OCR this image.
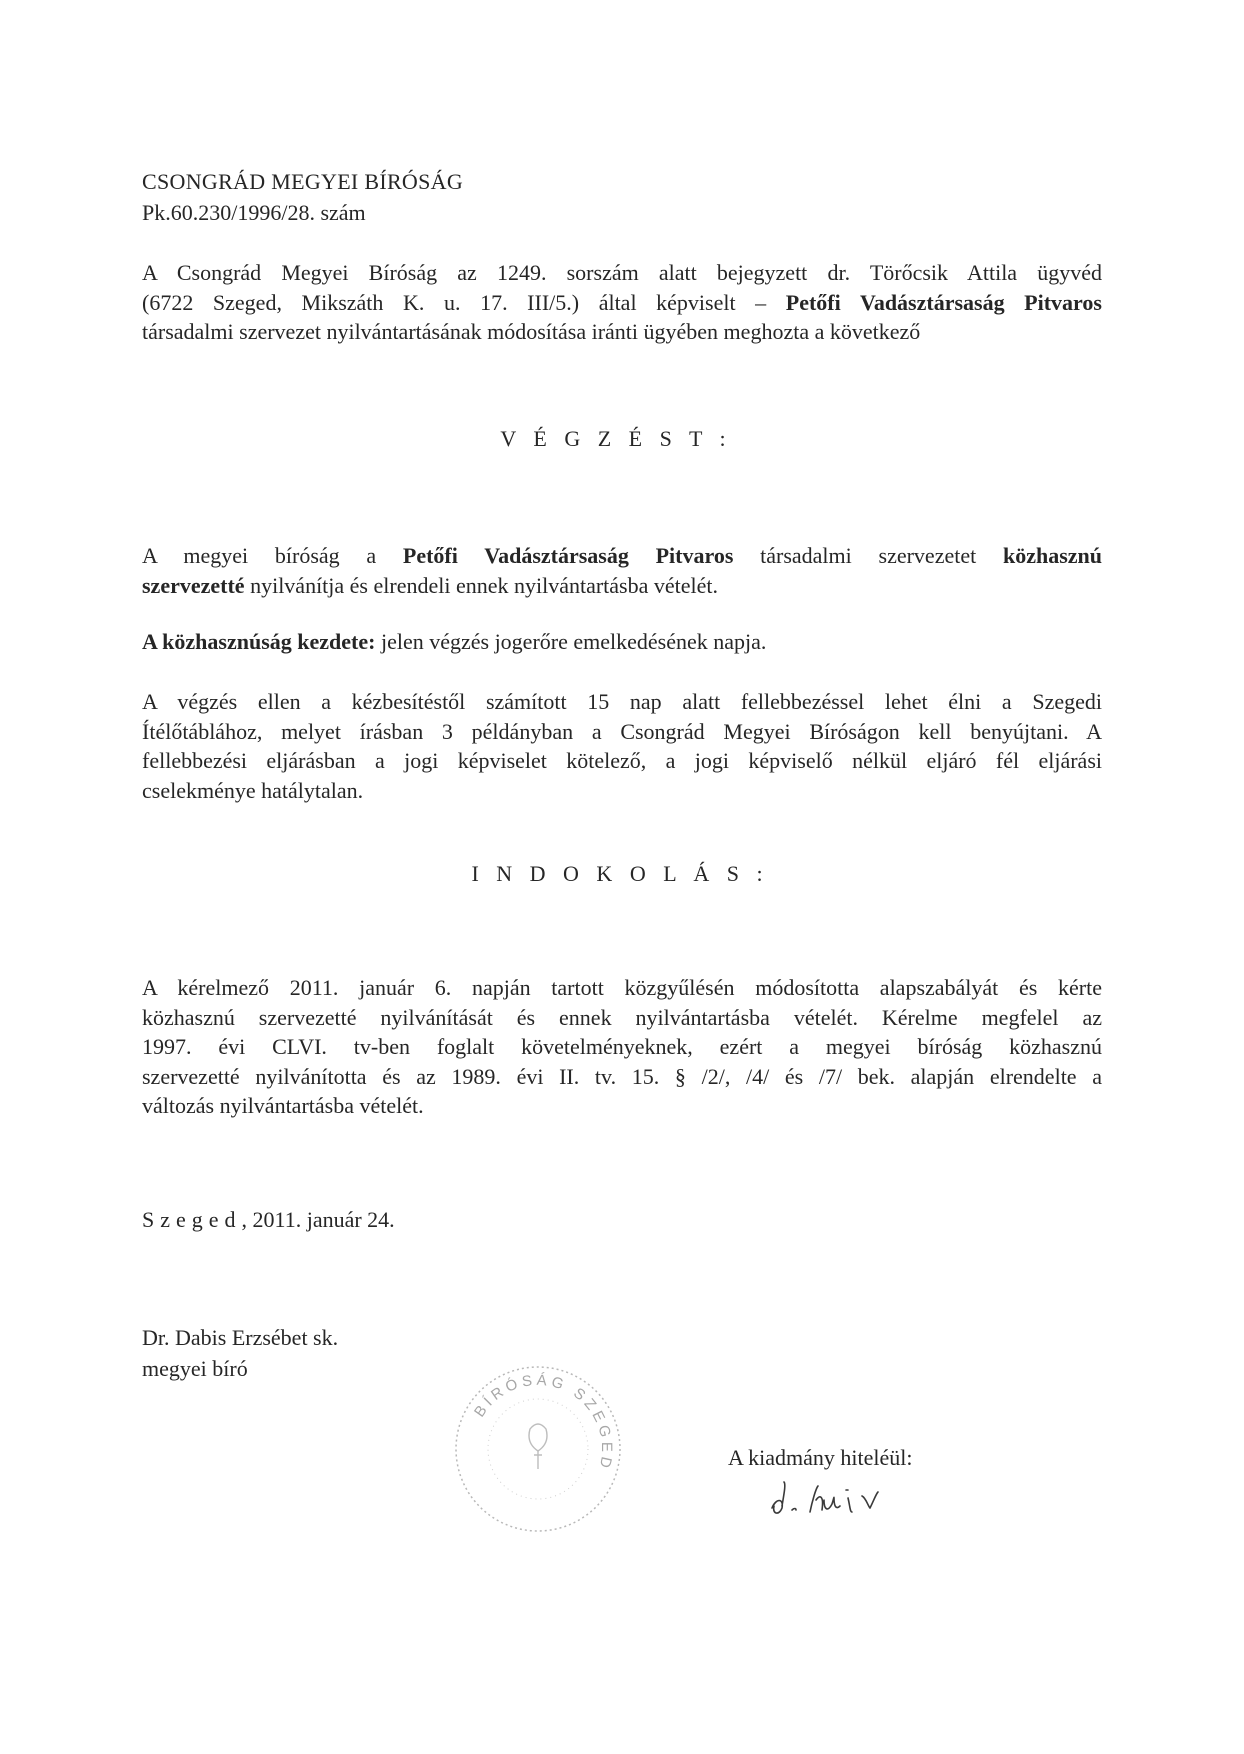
CSONGRÁD MEGYEI BÍRÓSÁG
Pk.60.230/1996/28. szám
A Csongrád Megyei Bíróság az 1249. sorszám alatt bejegyzett dr. Törőcsik Attila ügyvéd
(6722 Szeged, Mikszáth K. u. 17. III/5.) által képviselt – Petőfi Vadásztársaság Pitvaros
társadalmi szervezet nyilvántartásának módosítása iránti ügyében meghozta a következő
V É G Z É S T :
A megyei bíróság a Petőfi Vadásztársaság Pitvaros társadalmi szervezetet közhasznú
szervezetté nyilvánítja és elrendeli ennek nyilvántartásba vételét.
A közhasznúság kezdete: jelen végzés jogerőre emelkedésének napja.
A végzés ellen a kézbesítéstől számított 15 nap alatt fellebbezéssel lehet élni a Szegedi
Ítélőtáblához, melyet írásban 3 példányban a Csongrád Megyei Bíróságon kell benyújtani. A
fellebbezési eljárásban a jogi képviselet kötelező, a jogi képviselő nélkül eljáró fél eljárási
cselekménye hatálytalan.
I N D O K O L Á S :
A kérelmező 2011. január 6. napján tartott közgyűlésén módosította alapszabályát és kérte
közhasznú szervezetté nyilvánítását és ennek nyilvántartásba vételét. Kérelme megfelel az
1997. évi CLVI. tv-ben foglalt követelményeknek, ezért a megyei bíróság közhasznú
szervezetté nyilvánította és az 1989. évi II. tv. 15. § /2/, /4/ és /7/ bek. alapján elrendelte a
változás nyilvántartásba vételét.
Szeged, 2011. január 24.
Dr. Dabis Erzsébet sk.
megyei bíró
BÍRÓSÁG SZEGED	A kiadmány hiteléül:
